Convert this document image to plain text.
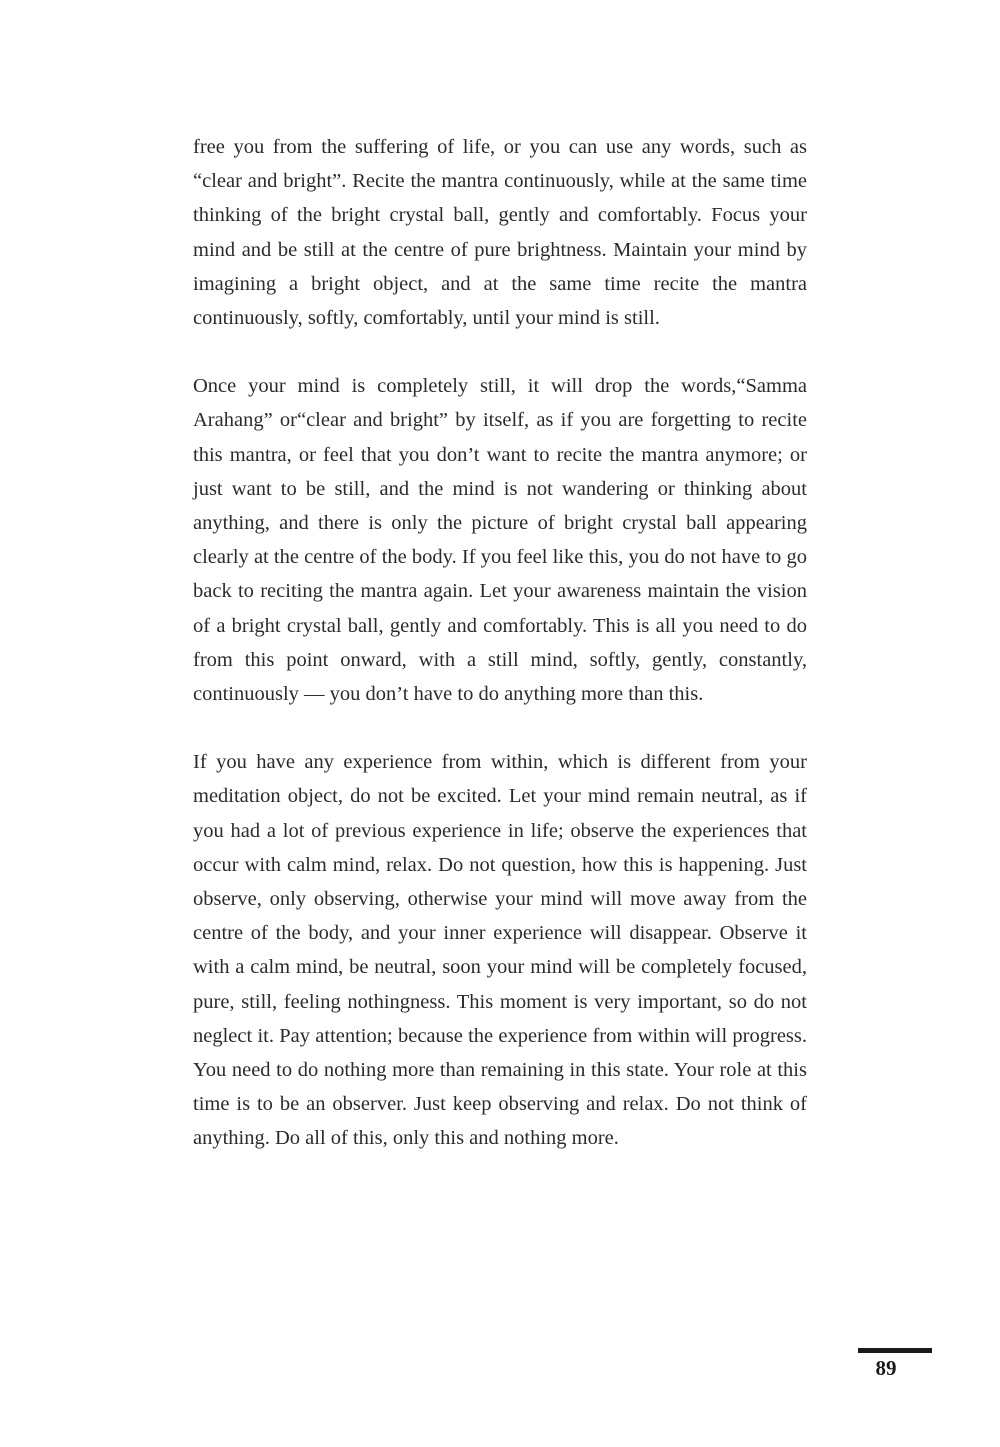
free you from the suffering of life, or you can use any words, such as “clear and bright”. Recite the mantra continuously, while at the same time thinking of the bright crystal ball, gently and comfortably. Focus your mind and be still at the centre of pure brightness. Maintain your mind by imagining a bright object, and at the same time recite the mantra continuously, softly, comfortably, until your mind is still.

Once your mind is completely still, it will drop the words,“Samma Arahang” or“clear and bright” by itself, as if you are forgetting to recite this mantra, or feel that you don’t want to recite the mantra anymore; or just want to be still, and the mind is not wandering or thinking about anything, and there is only the picture of bright crystal ball appearing clearly at the centre of the body. If you feel like this, you do not have to go back to reciting the mantra again. Let your awareness maintain the vision of a bright crystal ball, gently and comfortably. This is all you need to do from this point onward, with a still mind, softly, gently, constantly, continuously — you don’t have to do anything more than this.

If you have any experience from within, which is different from your meditation object, do not be excited. Let your mind remain neutral, as if you had a lot of previous experience in life; observe the experiences that occur with calm mind, relax. Do not question, how this is happening. Just observe, only observing, otherwise your mind will move away from the centre of the body, and your inner experience will disappear. Observe it with a calm mind, be neutral, soon your mind will be completely focused, pure, still, feeling nothingness. This moment is very important, so do not neglect it. Pay attention; because the experience from within will progress. You need to do nothing more than remaining in this state. Your role at this time is to be an observer. Just keep observing and relax. Do not think of anything. Do all of this, only this and nothing more.

89
